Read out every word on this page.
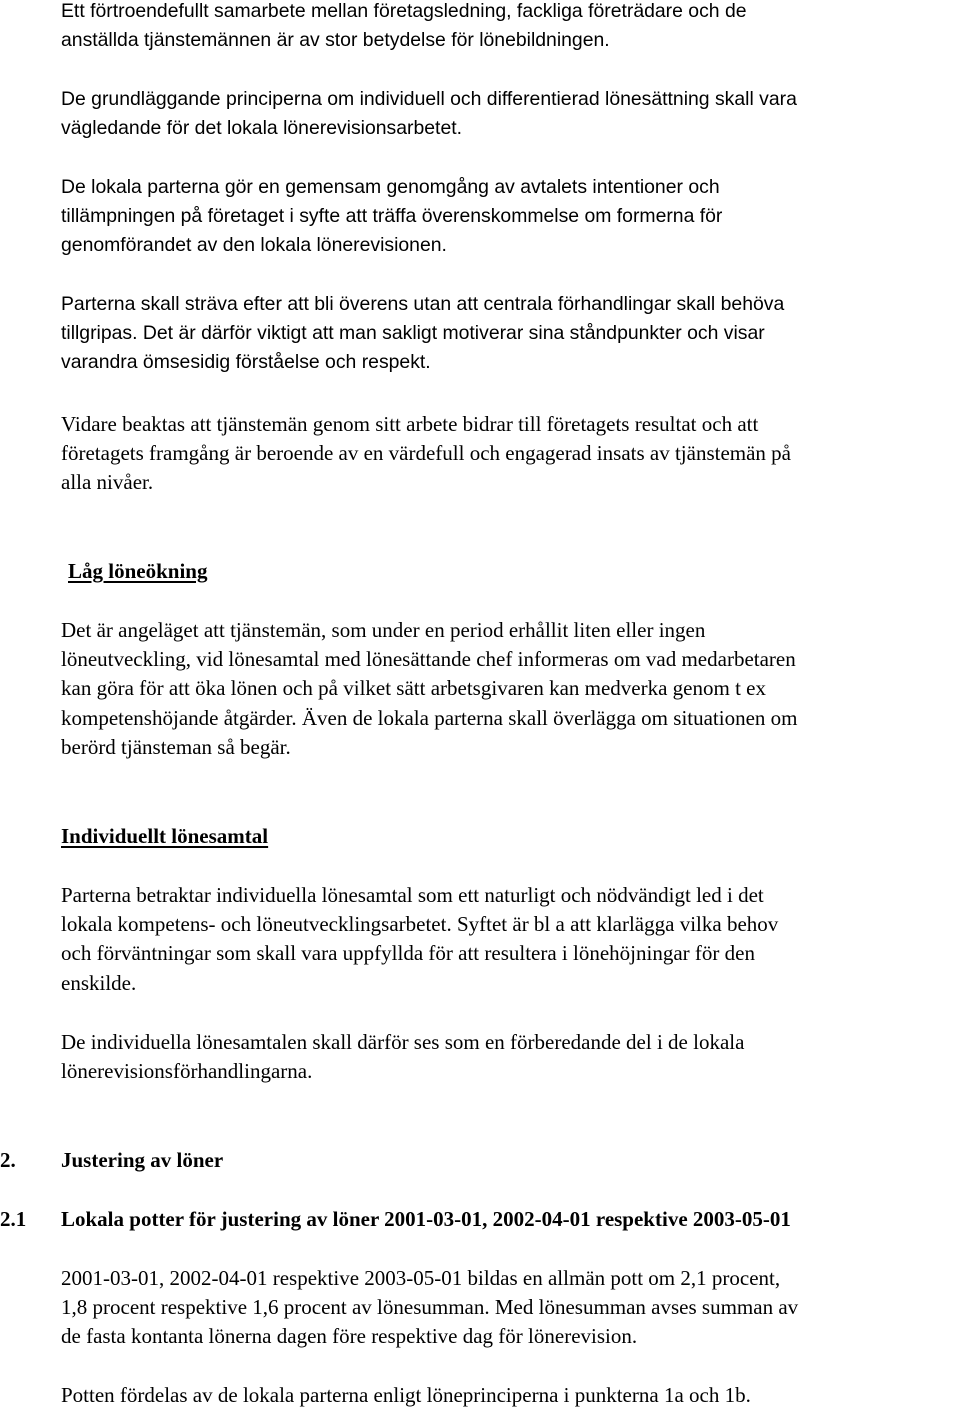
Ett förtroendefullt samarbete mellan företagsledning, fackliga företrädare och de
anställda tjänstemännen är av stor betydelse för lönebildningen.
De grundläggande principerna om individuell och differentierad lönesättning skall vara
vägledande för det lokala lönerevisionsarbetet.
De lokala parterna gör en gemensam genomgång av avtalets intentioner och
tillämpningen på företaget i syfte att träffa överenskommelse om formerna för
genomförandet av den lokala lönerevisionen.
Parterna skall sträva efter att bli överens utan att centrala förhandlingar skall behöva
tillgripas. Det är därför viktigt att man sakligt motiverar sina ståndpunkter och visar
varandra ömsesidig förståelse och respekt.
Vidare beaktas att tjänstemän genom sitt arbete bidrar till företagets resultat och att
företagets framgång är beroende av en värdefull och engagerad insats av tjänstemän på
alla nivåer.
Låg löneökning
Det är angeläget att tjänstemän, som under en period erhållit liten eller ingen
löneutveckling, vid lönesamtal med lönesättande chef informeras om vad medarbetaren
kan göra för att öka lönen och på vilket sätt arbetsgivaren kan medverka genom t ex
kompetenshöjande åtgärder. Även de lokala parterna skall överlägga om situationen om
berörd tjänsteman så begär.
Individuellt lönesamtal
Parterna betraktar individuella lönesamtal som ett naturligt och nödvändigt led i det
lokala kompetens- och löneutvecklingsarbetet. Syftet är bl a att klarlägga vilka behov
och förväntningar som skall vara uppfyllda för att resultera i lönehöjningar för den
enskilde.
De individuella lönesamtalen skall därför ses som en förberedande del i de lokala
lönerevisionsförhandlingarna.
2. Justering av löner
2.1 Lokala potter för justering av löner 2001-03-01, 2002-04-01 respektive 2003-05-01
2001-03-01, 2002-04-01 respektive 2003-05-01 bildas en allmän pott om 2,1 procent,
1,8 procent respektive 1,6 procent av lönesumman. Med lönesumman avses summan av
de fasta kontanta lönerna dagen före respektive dag för lönerevision.
Potten fördelas av de lokala parterna enligt löneprinciperna i punkterna 1a och 1b.
